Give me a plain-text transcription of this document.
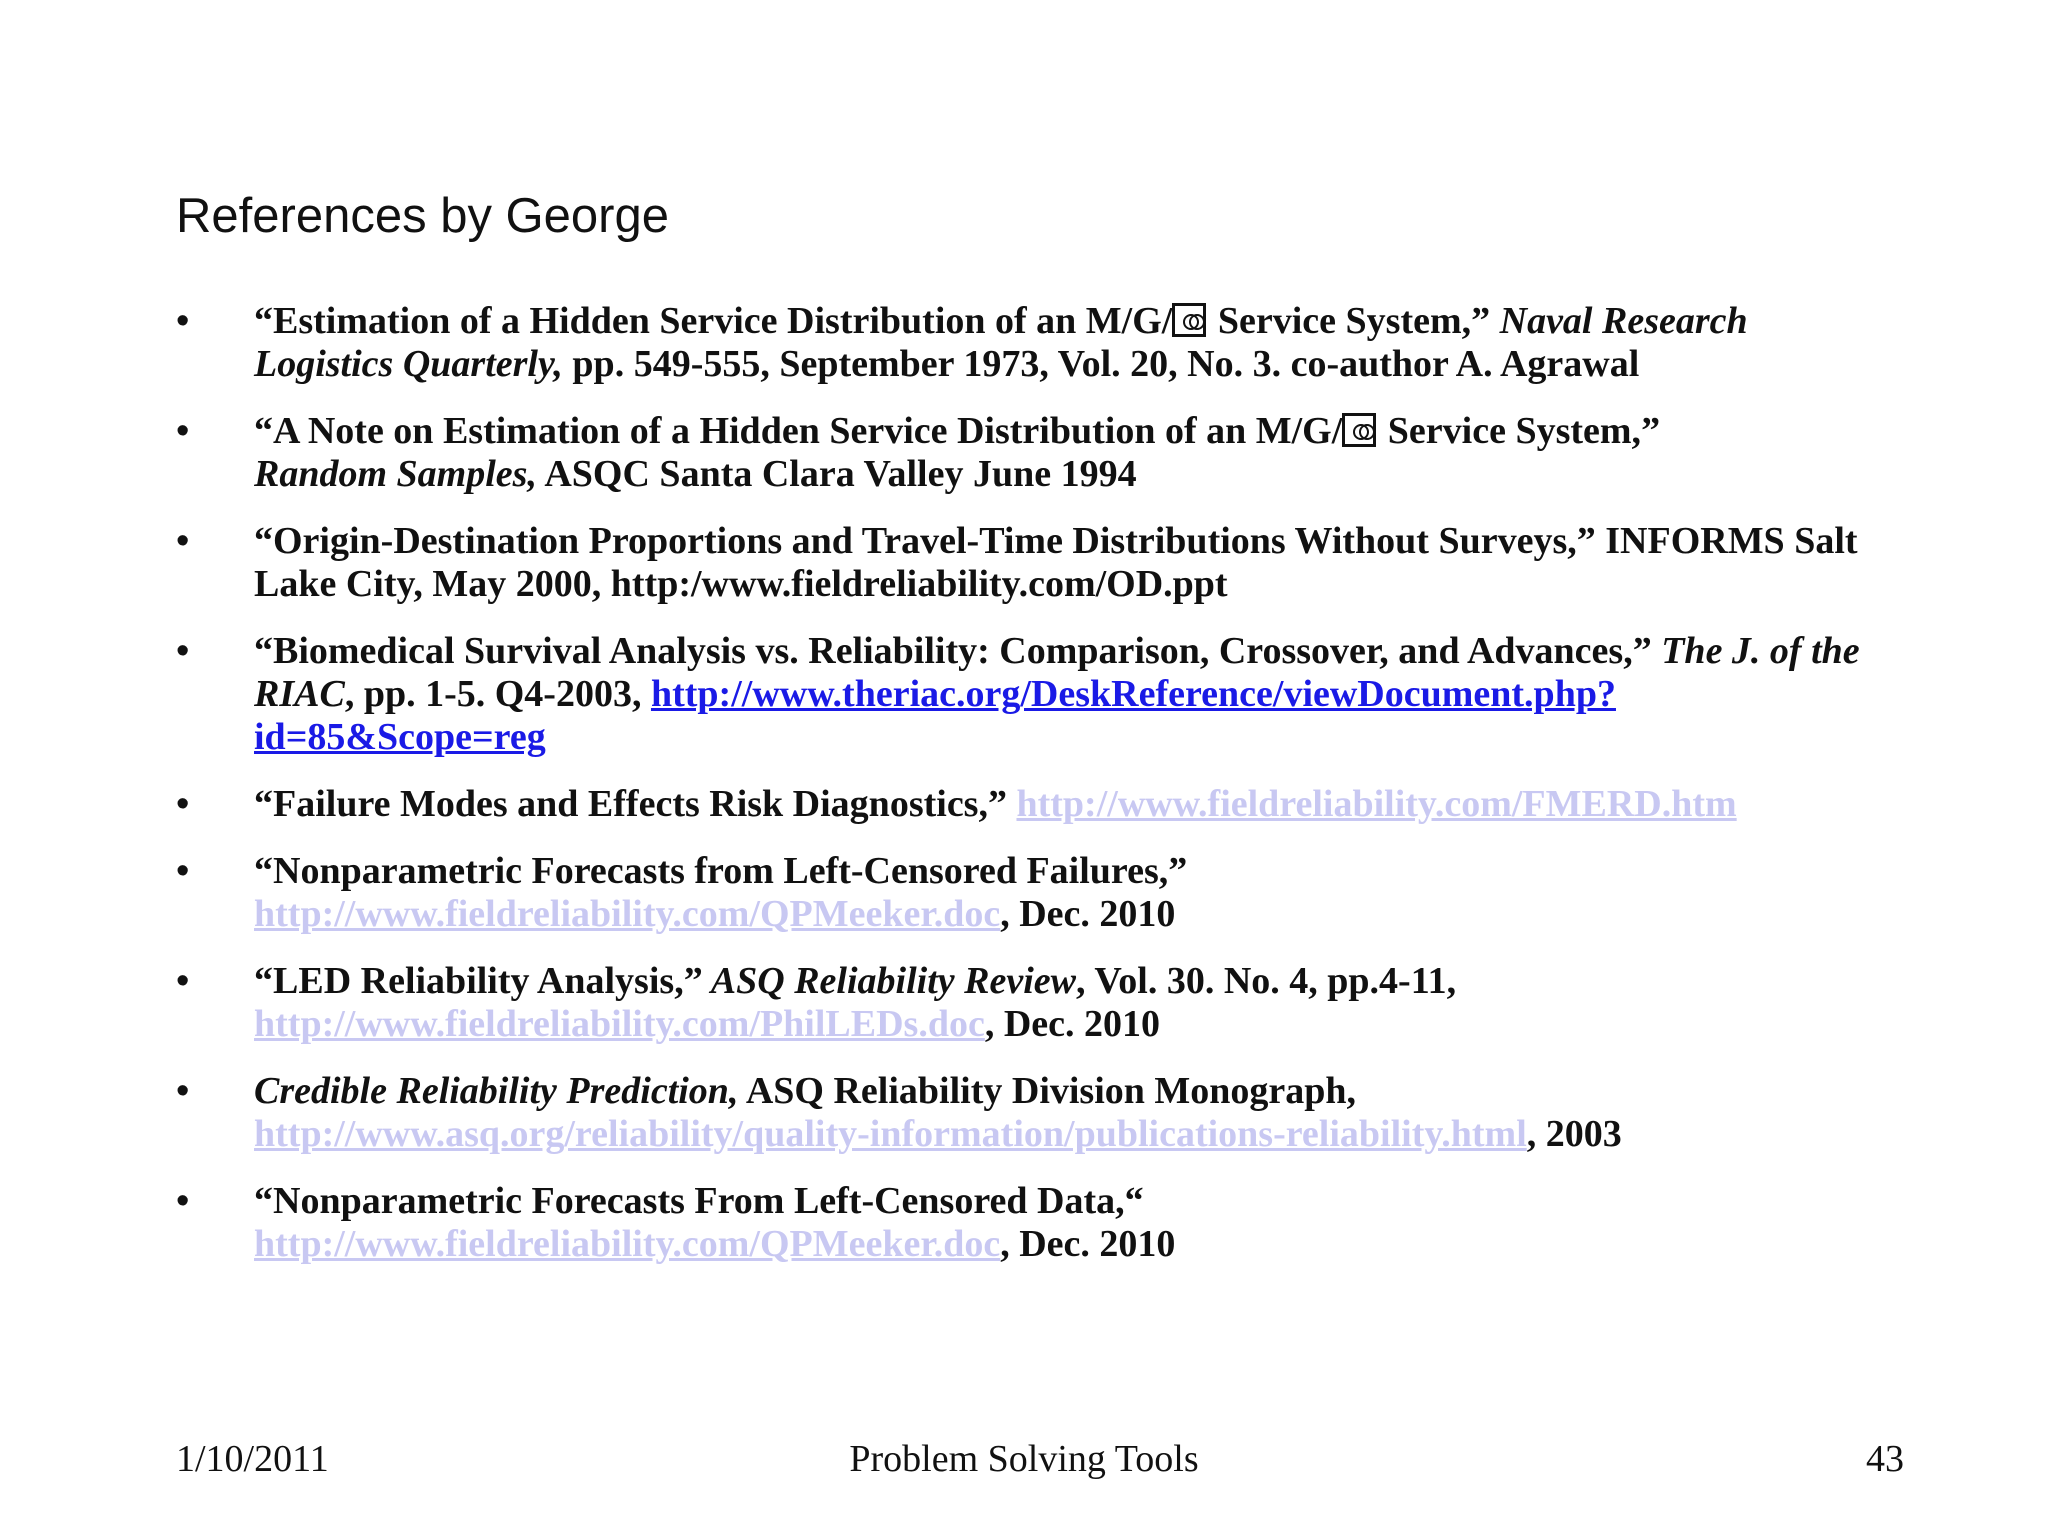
References by George
• “Estimation of a Hidden Service Distribution of an M/G/ Service System,” Naval Research Logistics Quarterly, pp. 549-555, September 1973, Vol. 20, No. 3. co-author A. Agrawal
• “A Note on Estimation of a Hidden Service Distribution of an M/G/ Service System,”
Random Samples, ASQC Santa Clara Valley June 1994
• “Origin-Destination Proportions and Travel-Time Distributions Without Surveys,” INFORMS Salt Lake City, May 2000, http:/www.fieldreliability.com/OD.ppt
• “Biomedical Survival Analysis vs. Reliability: Comparison, Crossover, and Advances,” The J. of the RIAC, pp. 1-5. Q4-2003, http://www.theriac.org/DeskReference/viewDocument.php?id=85&Scope=reg
• “Failure Modes and Effects Risk Diagnostics,” http://www.fieldreliability.com/FMERD.htm
• “Nonparametric Forecasts from Left-Censored Failures,”
http://www.fieldreliability.com/QPMeeker.doc, Dec. 2010
• “LED Reliability Analysis,” ASQ Reliability Review, Vol. 30. No. 4, pp.4-11,
http://www.fieldreliability.com/PhilLEDs.doc, Dec. 2010
• Credible Reliability Prediction, ASQ Reliability Division Monograph,
http://www.asq.org/reliability/quality-information/publications-reliability.html, 2003
• “Nonparametric Forecasts From Left-Censored Data,“
http://www.fieldreliability.com/QPMeeker.doc, Dec. 2010
1/10/2011	Problem Solving Tools	43
